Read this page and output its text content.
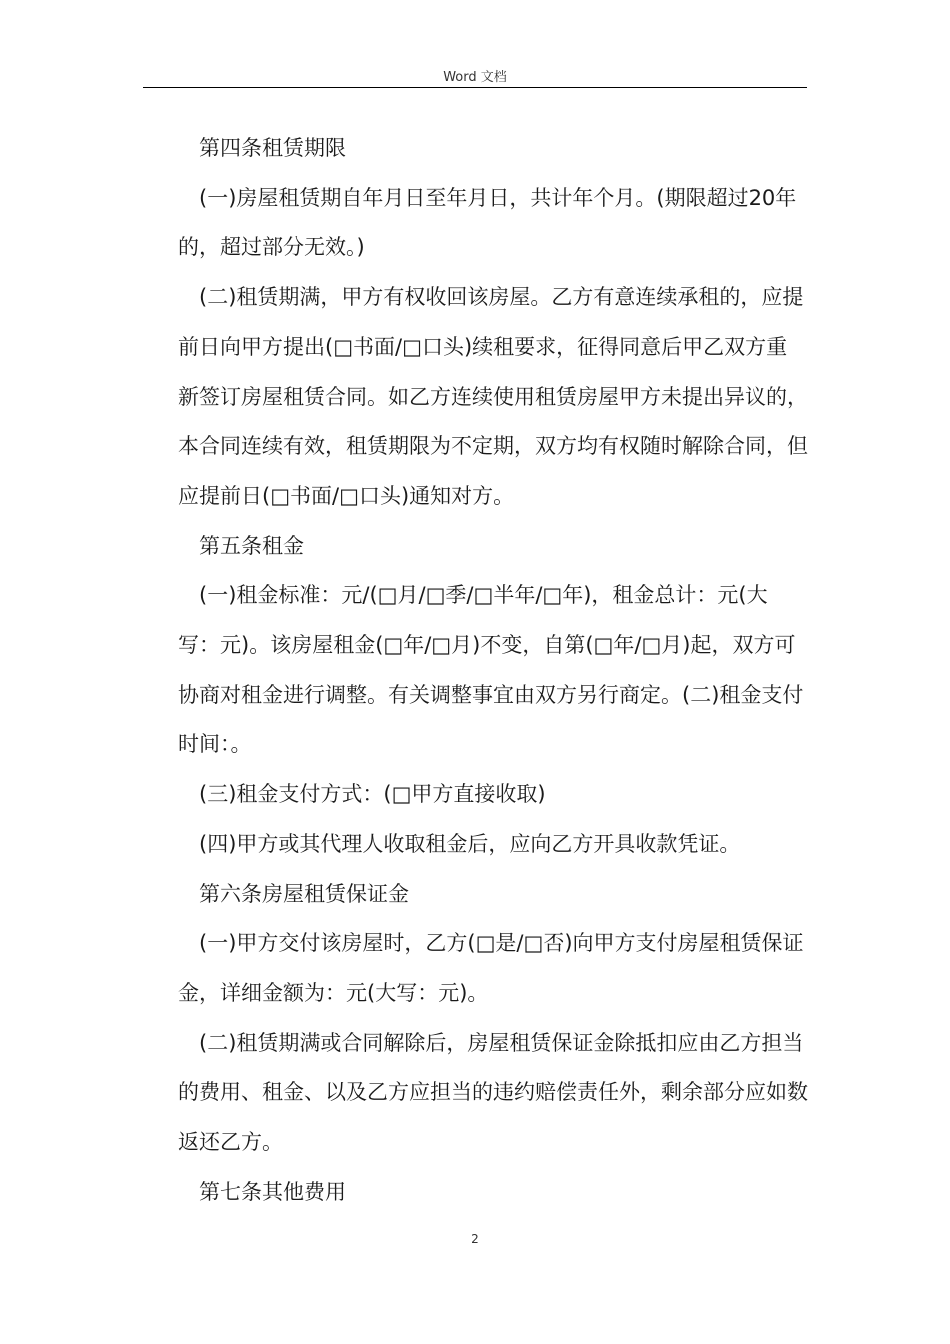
Word 文档

第四条租赁期限

(一)房屋租赁期自年月日至年月日，共计年个月。(期限超过20年的，超过部分无效。)

(二)租赁期满，甲方有权收回该房屋。乙方有意连续承租的，应提前日向甲方提出(□书面/□口头)续租要求，征得同意后甲乙双方重新签订房屋租赁合同。如乙方连续使用租赁房屋甲方未提出异议的，本合同连续有效，租赁期限为不定期，双方均有权随时解除合同，但应提前日(□书面/□口头)通知对方。

第五条租金

(一)租金标准：元/(□月/□季/□半年/□年)，租金总计：元(大写：元)。该房屋租金(□年/□月)不变，自第(□年/□月)起，双方可协商对租金进行调整。有关调整事宜由双方另行商定。(二)租金支付时间：。

(三)租金支付方式：(□甲方直接收取)

(四)甲方或其代理人收取租金后，应向乙方开具收款凭证。

第六条房屋租赁保证金

(一)甲方交付该房屋时，乙方(□是/□否)向甲方支付房屋租赁保证金，详细金额为：元(大写：元)。

(二)租赁期满或合同解除后，房屋租赁保证金除抵扣应由乙方担当的费用、租金、以及乙方应担当的违约赔偿责任外，剩余部分应如数返还乙方。

第七条其他费用

2
